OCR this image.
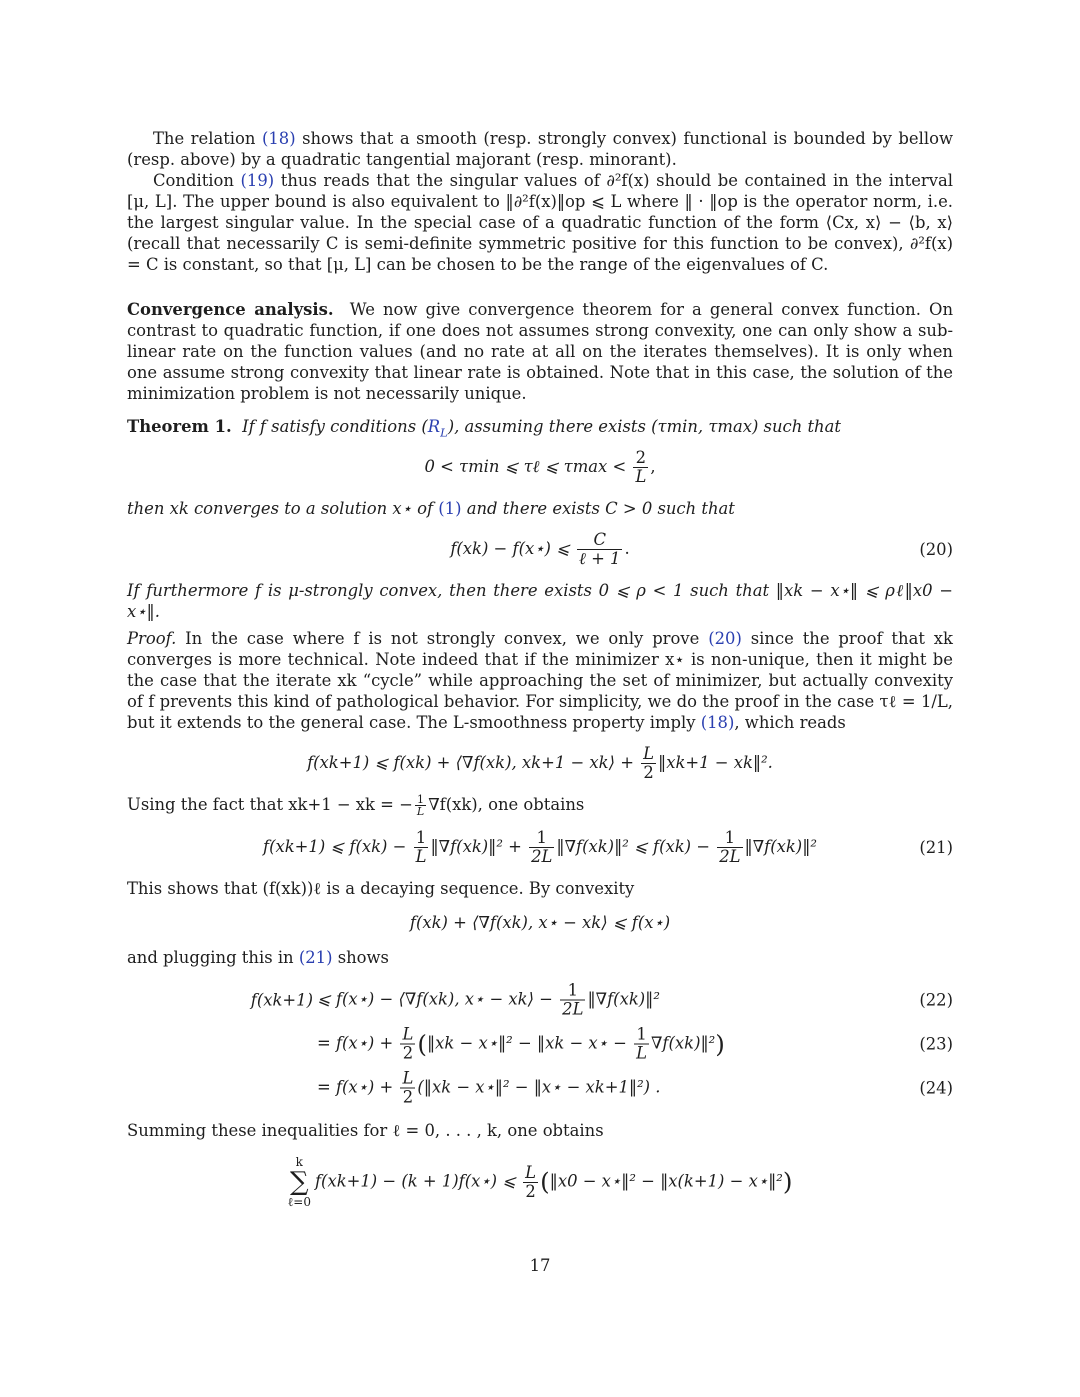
The relation (18) shows that a smooth (resp. strongly convex) functional is bounded by bellow (resp. above) by a quadratic tangential majorant (resp. minorant).

Condition (19) thus reads that the singular values of ∂²f(x) should be contained in the interval [μ, L]. The upper bound is also equivalent to ‖∂²f(x)‖op ⩽ L where ‖ · ‖op is the operator norm, i.e. the largest singular value. In the special case of a quadratic function of the form ⟨Cx, x⟩ − ⟨b, x⟩ (recall that necessarily C is semi-definite symmetric positive for this function to be convex), ∂²f(x) = C is constant, so that [μ, L] can be chosen to be the range of the eigenvalues of C.

Convergence analysis. We now give convergence theorem for a general convex function. On contrast to quadratic function, if one does not assumes strong convexity, one can only show a sub-linear rate on the function values (and no rate at all on the iterates themselves). It is only when one assume strong convexity that linear rate is obtained. Note that in this case, the solution of the minimization problem is not necessarily unique.

Theorem 1. If f satisfy conditions $(R_L)$, assuming there exists (τmin, τmax) such that

0 < τmin ⩽ τℓ ⩽ $\tau\max < \frac{2}{L}$ ,

then xk converges to a solution x⋆ of (1) and there exists C > 0 such that

f(xk) − f(x⋆) ⩽ $\frac{C}{\text{ℓ + 1}}$ .	(20)

If furthermore f is μ-strongly convex, then there exists 0 ⩽ ρ < 1 such that ‖xk − x⋆‖ ⩽ ρℓ‖x0 − x⋆‖.

Proof. In the case where f is not strongly convex, we only prove (20) since the proof that xk converges is more technical. Note indeed that if the minimizer x⋆ is non-unique, then it might be the case that the iterate xk “cycle” while approaching the set of minimizer, but actually convexity of f prevents this kind of pathological behavior. For simplicity, we do the proof in the case τℓ = 1/L, but it extends to the general case. The L-smoothness property imply (18), which reads

f(xk+1) ⩽ f(xk) + ⟨∇f(xk), xk+1 − xk⟩ + $\frac{L}{2}$ ‖xk+1 − xk‖².

Using the fact that xk+1 − xk = − $\frac{1}{L} \nabla f(xk)$, one obtains

f(xk+1) ⩽ $f(xk) - \frac{1}{L}$ ‖∇f(xk)‖² + $\frac{1}{2L}$ ‖∇f(xk)‖² ⩽ $f(xk) - \frac{1}{2L}$ ‖∇f(xk)‖²	(21)

This shows that (f(xk))ℓ is a decaying sequence. By convexity

f(xk) + ⟨∇f(xk), x⋆ − xk⟩ ⩽ f(x⋆)

and plugging this in (21) shows

f(xk+1) ⩽ f(x⋆) − ⟨∇f(xk), x⋆ − xk⟩ − $\frac{1}{2L}$ ‖∇f(xk)‖²	(22)
= f(x⋆) + $\frac{L}{2}$ (‖xk − x⋆‖² − ‖xk − x⋆ − $\frac{1}{L}$ ∇f(xk)‖²)	(23)
= f(x⋆) + $\frac{L}{2}$ (‖xk − x⋆‖² − ‖x⋆ − xk+1‖²) .	(24)

Summing these inequalities for ℓ = 0, . . . , k, one obtains

k
∑
ℓ=0f(xk+1) − (k + 1)f(x⋆) ⩽ $\frac{L}{2}$ (‖x0 − x⋆‖² − ‖x(k+1) − x⋆‖²)
17
